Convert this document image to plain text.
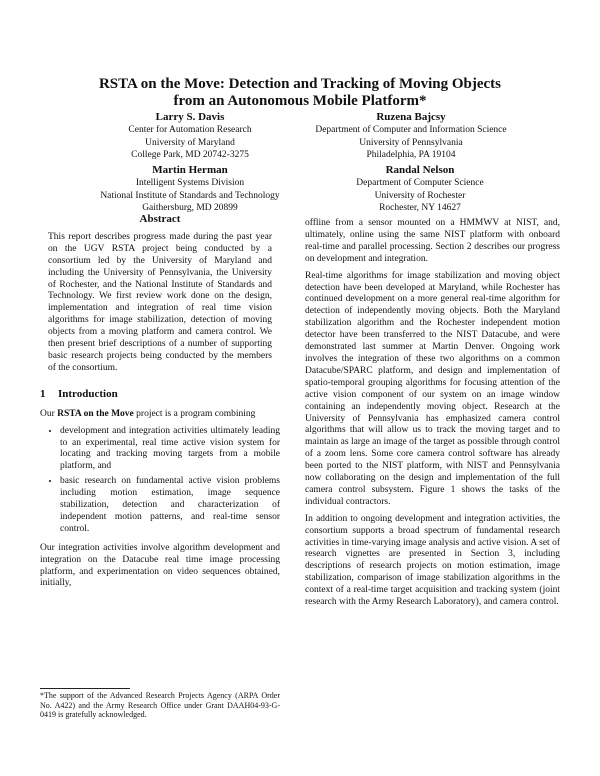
RSTA on the Move: Detection and Tracking of Moving Objects
from an Autonomous Mobile Platform*
Larry S. Davis
Center for Automation Research
University of Maryland
College Park, MD 20742-3275
Ruzena Bajcsy
Department of Computer and Information Science
University of Pennsylvania
Philadelphia, PA 19104
Martin Herman
Intelligent Systems Division
National Institute of Standards and Technology
Gaithersburg, MD 20899
Randal Nelson
Department of Computer Science
University of Rochester
Rochester, NY 14627
Abstract
This report describes progress made during the past year on the UGV RSTA project being conducted by a consortium led by the University of Maryland and including the University of Pennsylvania, the University of Rochester, and the National Institute of Standards and Technology. We first review work done on the design, implementation and integration of real time vision algorithms for image stabilization, detection of moving objects from a moving platform and camera control. We then present brief descriptions of a number of supporting basic research projects being conducted by the members of the consortium.
1 Introduction

Our RSTA on the Move project is a program combining

• development and integration activities ultimately leading to an experimental, real time active vision system for locating and tracking moving targets from a mobile platform, and
• basic research on fundamental active vision problems including motion estimation, image sequence stabilization, detection and characterization of independent motion patterns, and real-time sensor control.

Our integration activities involve algorithm development and integration on the Datacube real time image processing platform, and experimentation on video sequences obtained, initially,

offline from a sensor mounted on a HMMWV at NIST, and, ultimately, online using the same NIST platform with onboard real-time and parallel processing. Section 2 describes our progress on development and integration.

Real-time algorithms for image stabilization and moving object detection have been developed at Maryland, while Rochester has continued development on a more general real-time algorithm for detection of independently moving objects. Both the Maryland stabilization algorithm and the Rochester independent motion detector have been transferred to the NIST Datacube, and were demonstrated last summer at Martin Denver. Ongoing work involves the integration of these two algorithms on a common Datacube/SPARC platform, and design and implementation of spatio-temporal grouping algorithms for focusing attention of the active vision component of our system on an image window containing an independently moving object. Research at the University of Pennsylvania has emphasized camera control algorithms that will allow us to track the moving target and to maintain as large an image of the target as possible through control of a zoom lens. Some core camera control software has already been ported to the NIST platform, with NIST and Pennsylvania now collaborating on the design and implementation of the full camera control subsystem. Figure 1 shows the tasks of the individual contractors.

In addition to ongoing development and integration activities, the consortium supports a broad spectrum of fundamental research activities in time-varying image analysis and active vision. A set of research vignettes are presented in Section 3, including descriptions of research projects on motion estimation, image stabilization, comparison of image stabilization algorithms in the context of a real-time target acquisition and tracking system (joint research with the Army Research Laboratory), and camera control.

*The support of the Advanced Research Projects Agency (ARPA Order No. A422) and the Army Research Office under Grant DAAH04-93-G-0419 is gratefully acknowledged.
